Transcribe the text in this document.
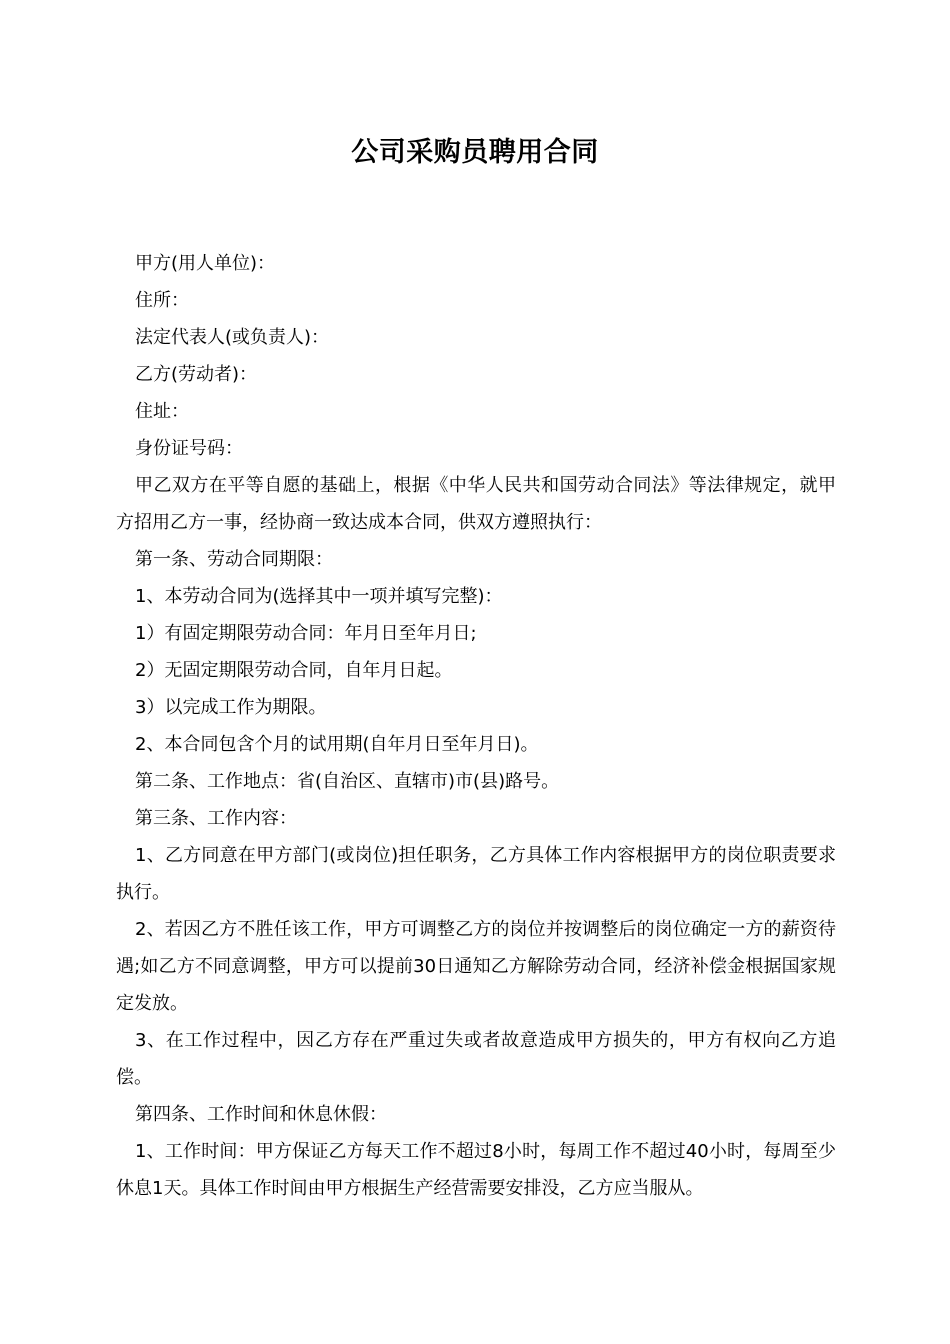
公司采购员聘用合同

甲方(用人单位)：

住所：

法定代表人(或负责人)：

乙方(劳动者)：

住址：

身份证号码：

甲乙双方在平等自愿的基础上，根据《中华人民共和国劳动合同法》等法律规定，就甲方招用乙方一事，经协商一致达成本合同，供双方遵照执行：

第一条、劳动合同期限：

1、本劳动合同为(选择其中一项并填写完整)：

1）有固定期限劳动合同：年月日至年月日;

2）无固定期限劳动合同，自年月日起。

3）以完成工作为期限。

2、本合同包含个月的试用期(自年月日至年月日)。

第二条、工作地点：省(自治区、直辖市)市(县)路号。

第三条、工作内容：

1、乙方同意在甲方部门(或岗位)担任职务，乙方具体工作内容根据甲方的岗位职责要求执行。

2、若因乙方不胜任该工作，甲方可调整乙方的岗位并按调整后的岗位确定一方的薪资待遇;如乙方不同意调整，甲方可以提前30日通知乙方解除劳动合同，经济补偿金根据国家规定发放。

3、在工作过程中，因乙方存在严重过失或者故意造成甲方损失的，甲方有权向乙方追偿。

第四条、工作时间和休息休假：

1、工作时间：甲方保证乙方每天工作不超过8小时，每周工作不超过40小时，每周至少休息1天。具体工作时间由甲方根据生产经营需要安排没，乙方应当服从。
